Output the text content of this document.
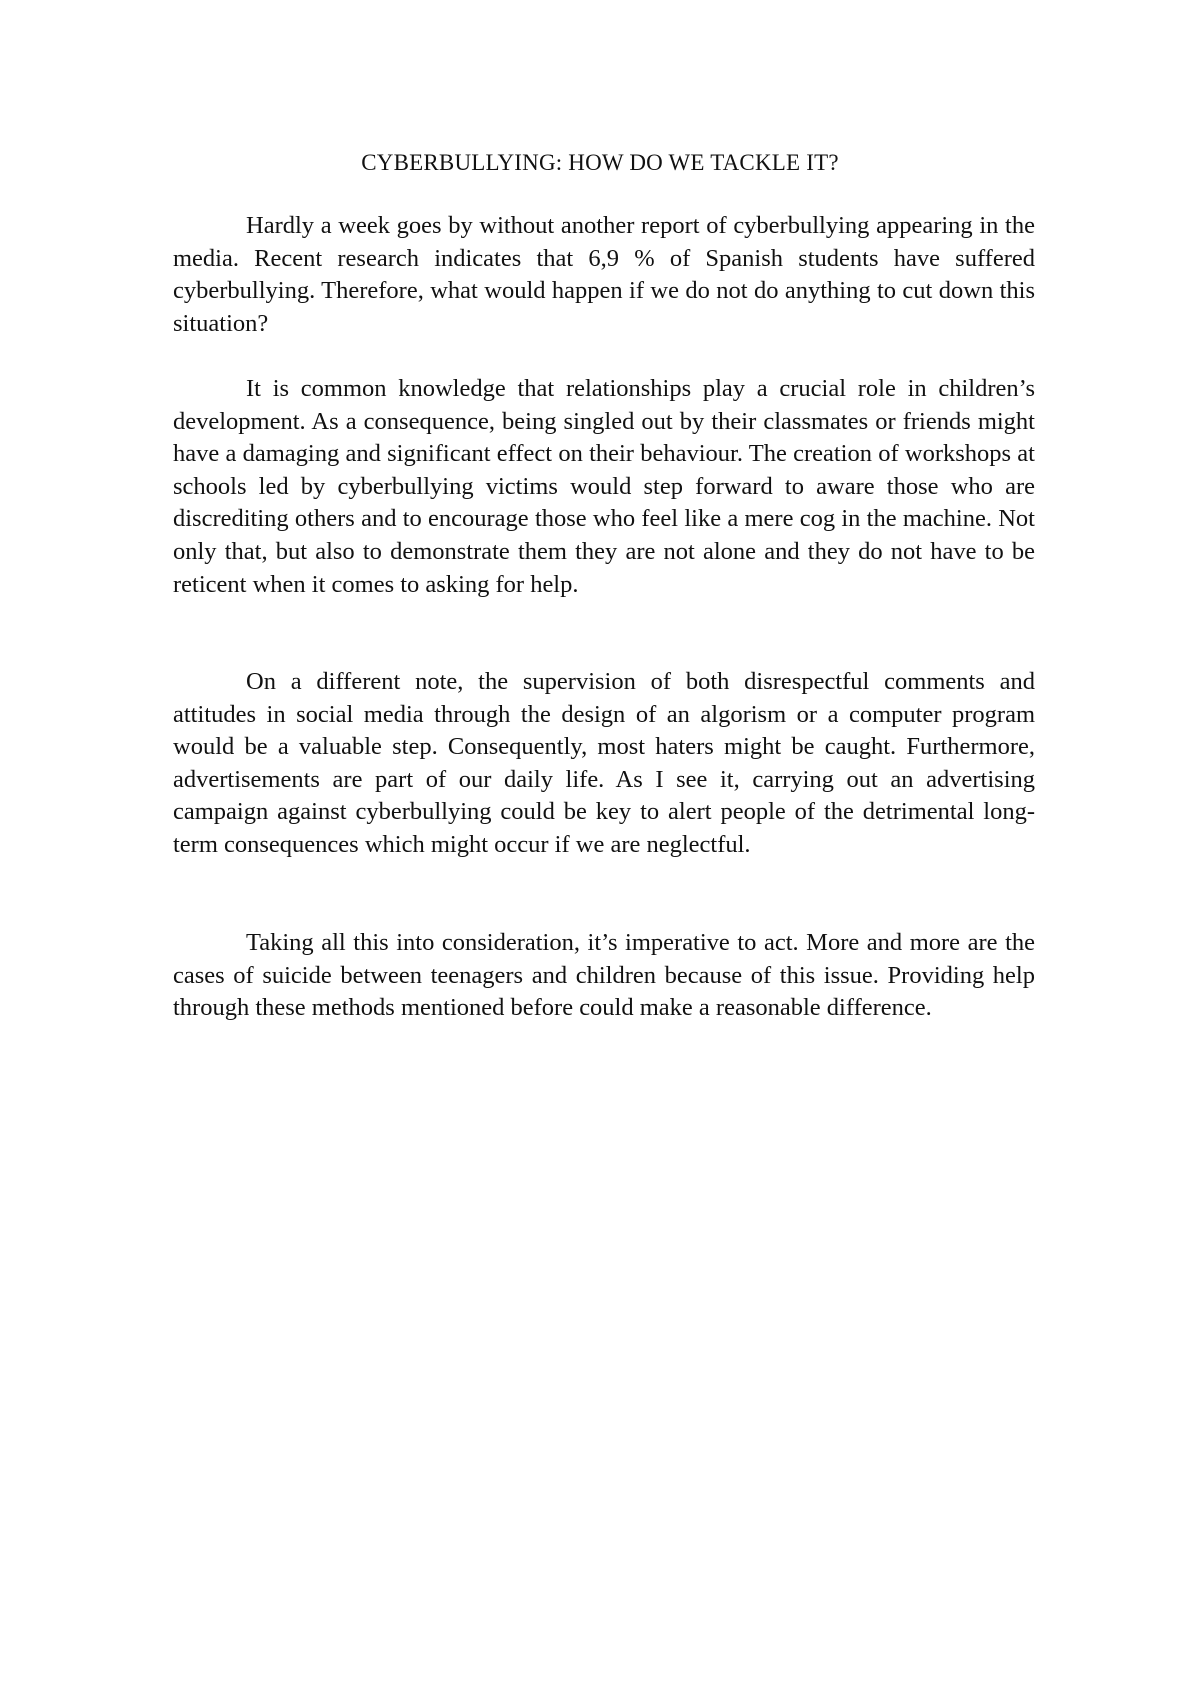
CYBERBULLYING: HOW DO WE TACKLE IT?

Hardly a week goes by without another report of cyberbullying appearing in the media. Recent research indicates that 6,9 % of Spanish students have suffered cyberbullying. Therefore, what would happen if we do not do anything to cut down this situation?

It is common knowledge that relationships play a crucial role in children’s development. As a consequence, being singled out by their classmates or friends might have a damaging and significant effect on their behaviour. The creation of workshops at schools led by cyberbullying victims would step forward to aware those who are discrediting others and to encourage those who feel like a mere cog in the machine. Not only that, but also to demonstrate them they are not alone and they do not have to be reticent when it comes to asking for help.

On a different note, the supervision of both disrespectful comments and attitudes in social media through the design of an algorism or a computer program would be a valuable step. Consequently, most haters might be caught. Furthermore, advertisements are part of our daily life. As I see it, carrying out an advertising campaign against cyberbullying could be key to alert people of the detrimental long-term consequences which might occur if we are neglectful.

Taking all this into consideration, it’s imperative to act. More and more are the cases of suicide between teenagers and children because of this issue. Providing help through these methods mentioned before could make a reasonable difference.
